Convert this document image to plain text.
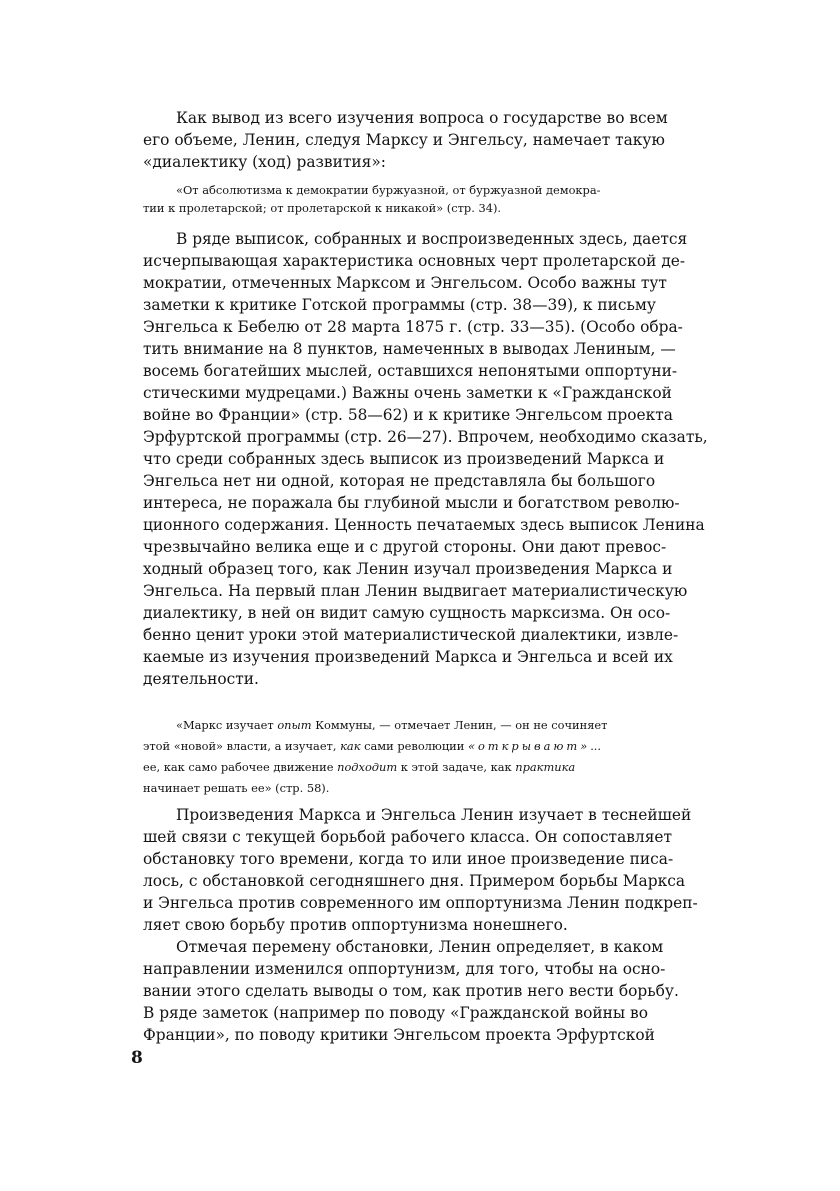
Как вывод из всего изучения вопроса о государстве во всем
его объеме, Ленин, следуя Марксу и Энгельсу, намечает такую
«диалектику (ход) развития»:
«От абсолютизма к демократии буржуазной, от буржуазной демокра-
тии к пролетарской; от пролетарской к никакой» (стр. 34).
В ряде выписок, собранных и воспроизведенных здесь, дается
исчерпывающая характеристика основных черт пролетарской де-
мократии, отмеченных Марксом и Энгельсом. Особо важны тут
заметки к критике Готской программы (стр. 38—39), к письму
Энгельса к Бебелю от 28 марта 1875 г. (стр. 33—35). (Особо обра-
тить внимание на 8 пунктов, намеченных в выводах Лениным, —
восемь богатейших мыслей, оставшихся непонятыми оппортуни-
стическими мудрецами.) Важны очень заметки к «Гражданской
войне во Франции» (стр. 58—62) и к критике Энгельсом проекта
Эрфуртской программы (стр. 26—27). Впрочем, необходимо сказать,
что среди собранных здесь выписок из произведений Маркса и
Энгельса нет ни одной, которая не представляла бы большого
интереса, не поражала бы глубиной мысли и богатством револю-
ционного содержания. Ценность печатаемых здесь выписок Ленина
чрезвычайно велика еще и с другой стороны. Они дают превос-
ходный образец того, как Ленин изучал произведения Маркса и
Энгельса. На первый план Ленин выдвигает материалистическую
диалектику, в ней он видит самую сущность марксизма. Он осо-
бенно ценит уроки этой материалистической диалектики, извле-
каемые из изучения произведений Маркса и Энгельса и всей их
деятельности.
«Маркс изучает опыт Коммуны, — отмечает Ленин, — он не сочиняет
этой «новой» власти, а изучает, как сами революции «открывают»...
ее, как само рабочее движение подходит к этой задаче, как практика
начинает решать ее» (стр. 58).
Произведения Маркса и Энгельса Ленин изучает в теснейшей
шей связи с текущей борьбой рабочего класса. Он сопоставляет
обстановку того времени, когда то или иное произведение писа-
лось, с обстановкой сегодняшнего дня. Примером борьбы Маркса
и Энгельса против современного им оппортунизма Ленин подкреп-
ляет свою борьбу против оппортунизма нонешнего.
Отмечая перемену обстановки, Ленин определяет, в каком
направлении изменился оппортунизм, для того, чтобы на осно-
вании этого сделать выводы о том, как против него вести борьбу.
В ряде заметок (например по поводу «Гражданской войны во
Франции», по поводу критики Энгельсом проекта Эрфуртской
8
